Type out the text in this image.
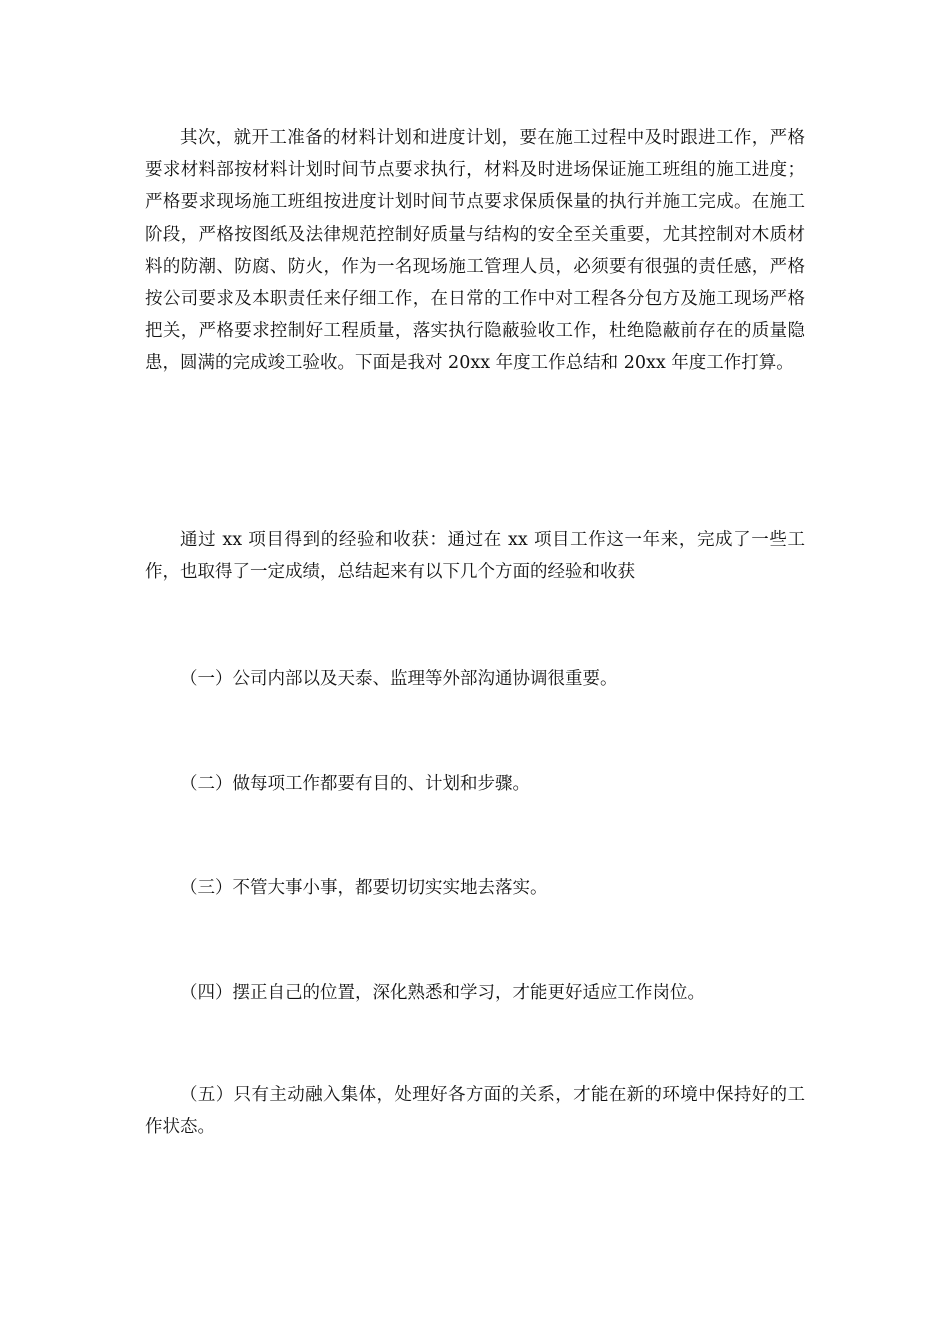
其次，就开工准备的材料计划和进度计划，要在施工过程中及时跟进工作，严格要求材料部按材料计划时间节点要求执行，材料及时进场保证施工班组的施工进度；严格要求现场施工班组按进度计划时间节点要求保质保量的执行并施工完成。在施工阶段，严格按图纸及法律规范控制好质量与结构的安全至关重要，尤其控制对木质材料的防潮、防腐、防火，作为一名现场施工管理人员，必须要有很强的责任感，严格按公司要求及本职责任来仔细工作，在日常的工作中对工程各分包方及施工现场严格把关，严格要求控制好工程质量，落实执行隐蔽验收工作，杜绝隐蔽前存在的质量隐患，圆满的完成竣工验收。下面是我对 20xx 年度工作总结和 20xx 年度工作打算。

通过 xx 项目得到的经验和收获：通过在 xx 项目工作这一年来，完成了一些工作，也取得了一定成绩，总结起来有以下几个方面的经验和收获

（一）公司内部以及天泰、监理等外部沟通协调很重要。

（二）做每项工作都要有目的、计划和步骤。

（三）不管大事小事，都要切切实实地去落实。

（四）摆正自己的位置，深化熟悉和学习，才能更好适应工作岗位。

（五）只有主动融入集体，处理好各方面的关系，才能在新的环境中保持好的工作状态。
